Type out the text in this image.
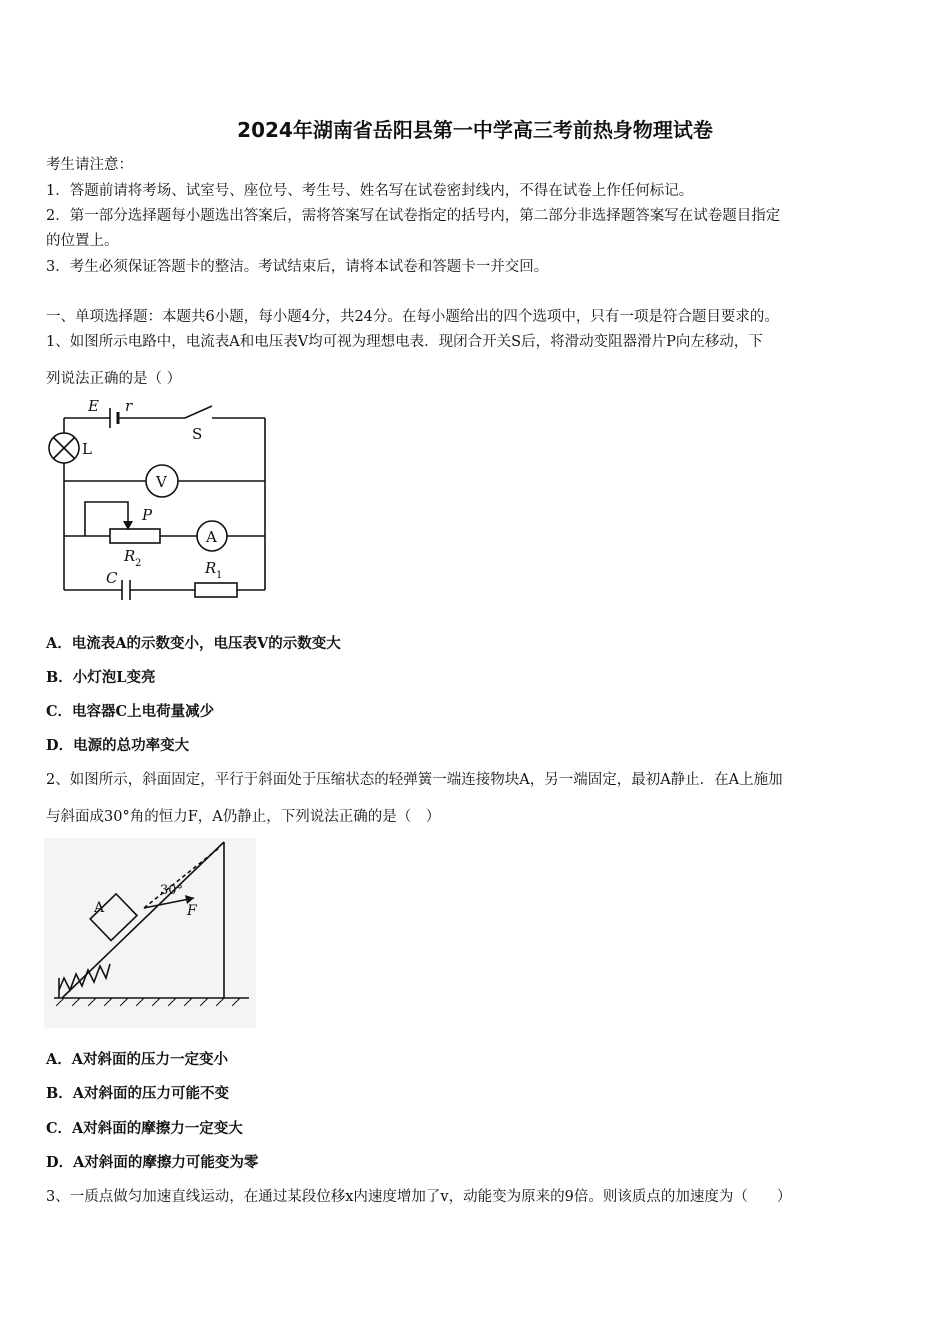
2024年湖南省岳阳县第一中学高三考前热身物理试卷
考生请注意：
1．答题前请将考场、试室号、座位号、考生号、姓名写在试卷密封线内，不得在试卷上作任何标记。
2．第一部分选择题每小题选出答案后，需将答案写在试卷指定的括号内，第二部分非选择题答案写在试卷题目指定
的位置上。
3．考生必须保证答题卡的整洁。考试结束后，请将本试卷和答题卡一并交回。
一、单项选择题：本题共6小题，每小题4分，共24分。在每小题给出的四个选项中，只有一项是符合题目要求的。
1、如图所示电路中，电流表A和电压表V均可视为理想电表．现闭合开关S后，将滑动变阻器滑片P向左移动，下
列说法正确的是（ ）
E r
S
L
V
P
A
R 2
C
R 1
A．电流表A的示数变小，电压表V的示数变大
B．小灯泡L变亮
C．电容器C上电荷量减少
D．电源的总功率变大
2、如图所示，斜面固定，平行于斜面处于压缩状态的轻弹簧一端连接物块A，另一端固定，最初A静止．在A上施加
与斜面成30°角的恒力F，A仍静止，下列说法正确的是（　）
A
30°
F
A．A对斜面的压力一定变小
B．A对斜面的压力可能不变
C．A对斜面的摩擦力一定变大
D．A对斜面的摩擦力可能变为零
3、一质点做匀加速直线运动，在通过某段位移x内速度增加了v，动能变为原来的9倍。则该质点的加速度为（　　）
